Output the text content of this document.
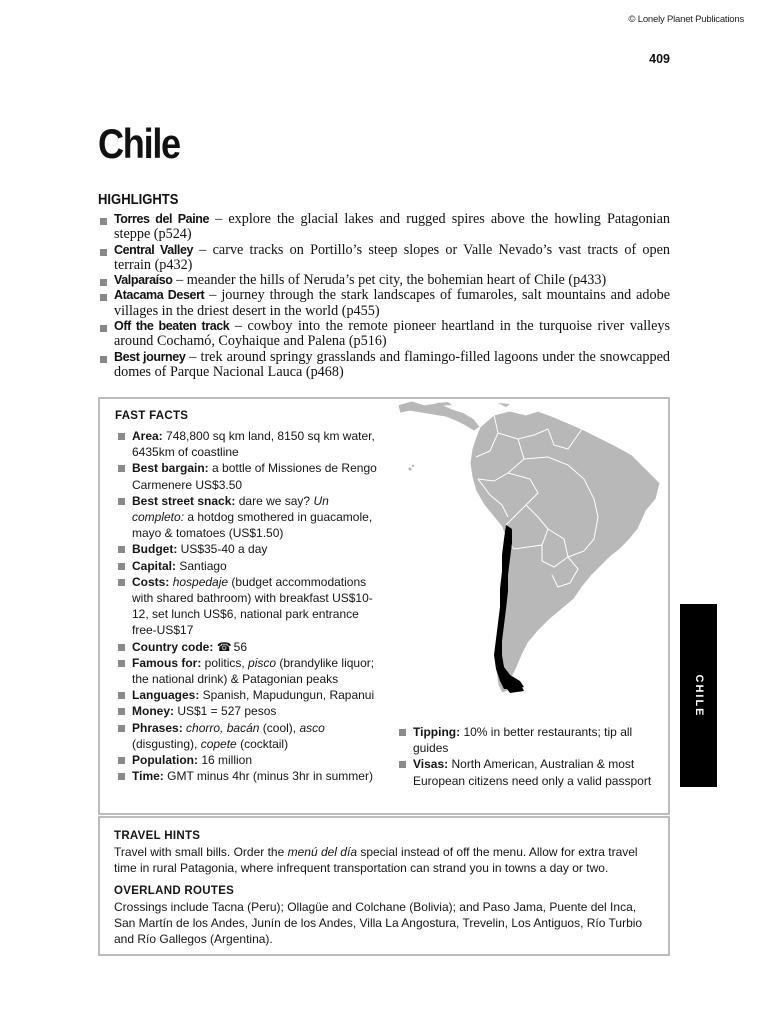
© Lonely Planet Publications
409
Chile
HIGHLIGHTS
Torres del Paine – explore the glacial lakes and rugged spires above the howling Patagonian steppe (p524)
Central Valley – carve tracks on Portillo’s steep slopes or Valle Nevado’s vast tracts of open terrain (p432)
Valparaíso – meander the hills of Neruda’s pet city, the bohemian heart of Chile (p433)
Atacama Desert – journey through the stark landscapes of fumaroles, salt mountains and adobe villages in the driest desert in the world (p455)
Off the beaten track – cowboy into the remote pioneer heartland in the turquoise river valleys around Cochamó, Coyhaique and Palena (p516)
Best journey – trek around springy grasslands and flamingo-filled lagoons under the snowcapped domes of Parque Nacional Lauca (p468)
FAST FACTS
Area: 748,800 sq km land, 8150 sq km water, 6435km of coastline
Best bargain: a bottle of Missiones de Rengo Carmenere US$3.50
Best street snack: dare we say? Un completo: a hotdog smothered in guacamole, mayo & tomatoes (US$1.50)
Budget: US$35-40 a day
Capital: Santiago
Costs: hospedaje (budget accommodations with shared bathroom) with breakfast US$10-12, set lunch US$6, national park entrance free-US$17
Country code: ☎ 56
Famous for: politics, pisco (brandylike liquor; the national drink) & Patagonian peaks
Languages: Spanish, Mapudungun, Rapanui
Money: US$1 = 527 pesos
Phrases: chorro, bacán (cool), asco (disgusting), copete (cocktail)
Population: 16 million
Time: GMT minus 4hr (minus 3hr in summer)
Tipping: 10% in better restaurants; tip all guides
Visas: North American, Australian & most European citizens need only a valid passport
TRAVEL HINTS

Travel with small bills. Order the menú del día special instead of off the menu. Allow for extra travel time in rural Patagonia, where infrequent transportation can strand you in towns a day or two.

OVERLAND ROUTES

Crossings include Tacna (Peru); Ollagüe and Colchane (Bolivia); and Paso Jama, Puente del Inca, San Martín de los Andes, Junín de los Andes, Villa La Angostura, Trevelin, Los Antiguos, Río Turbio and Río Gallegos (Argentina).

CHILE
